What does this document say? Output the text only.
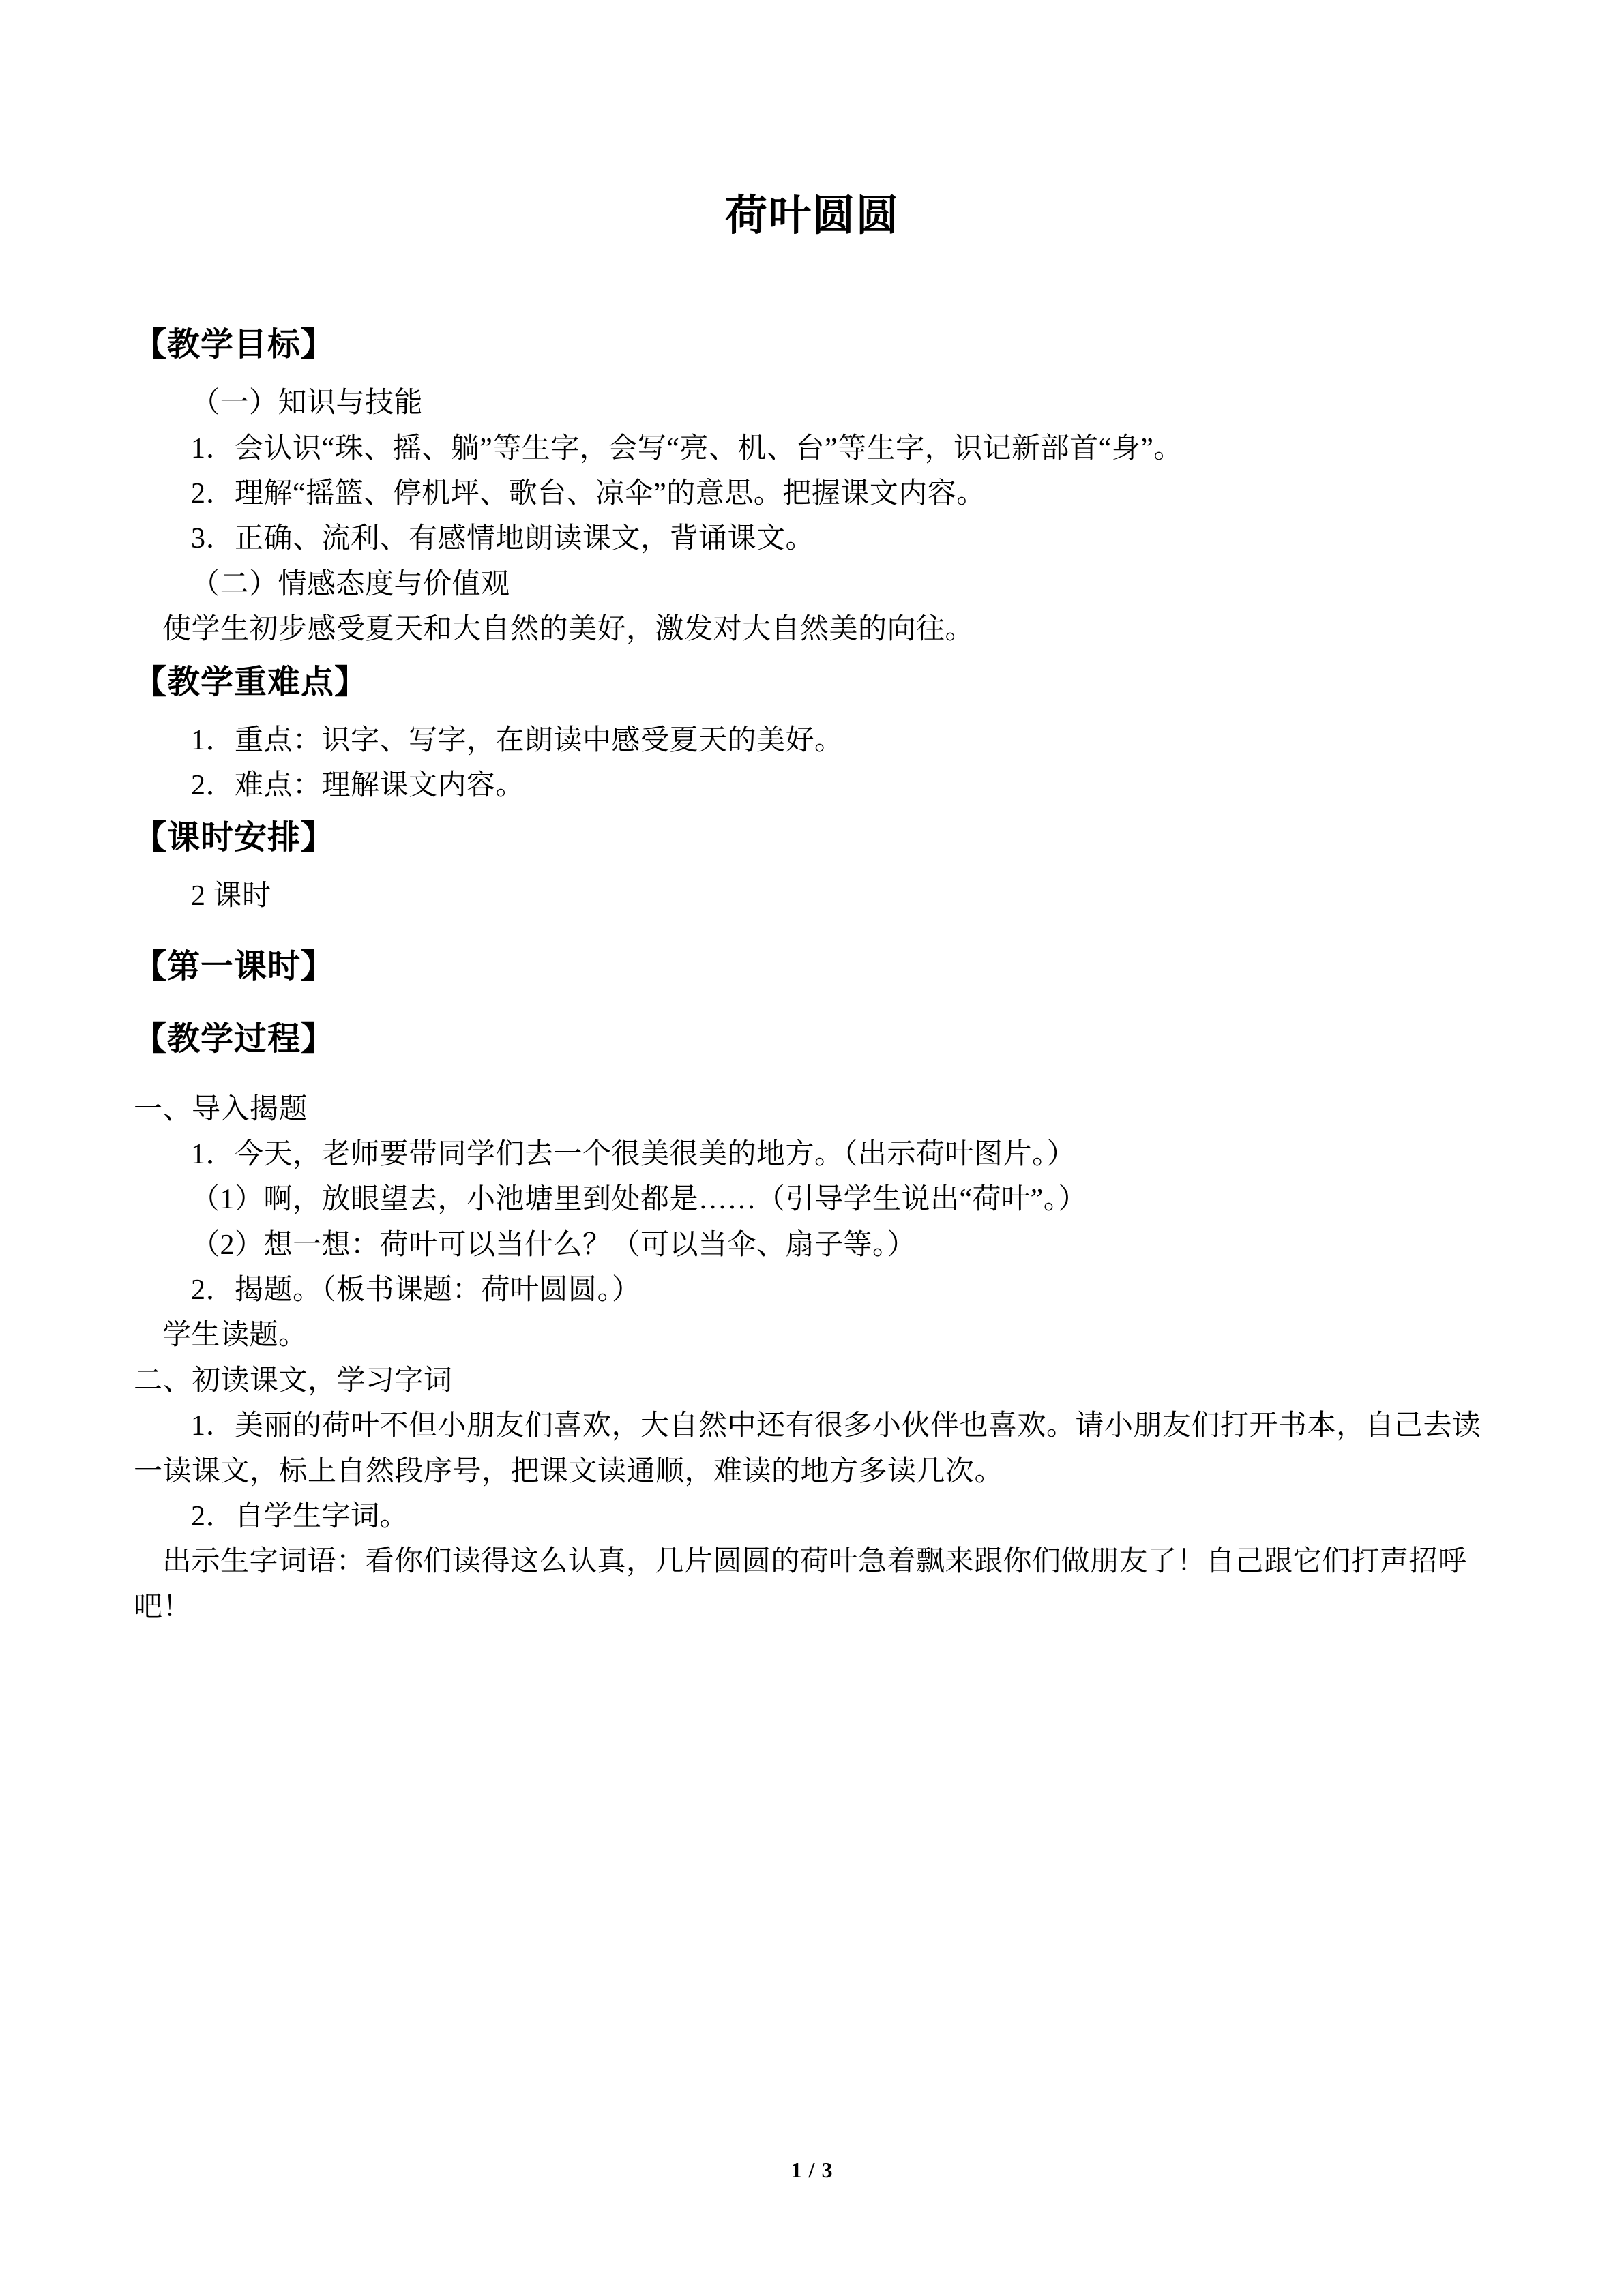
荷叶圆圆
【教学目标】
（一）知识与技能
1．会认识“珠、摇、躺”等生字，会写“亮、机、台”等生字，识记新部首“身”。
2．理解“摇篮、停机坪、歌台、凉伞”的意思。把握课文内容。
3．正确、流利、有感情地朗读课文，背诵课文。
（二）情感态度与价值观
使学生初步感受夏天和大自然的美好，激发对大自然美的向往。
【教学重难点】
1．重点：识字、写字，在朗读中感受夏天的美好。
2．难点：理解课文内容。
【课时安排】
2 课时
【第一课时】
【教学过程】
一、导入揭题
1．今天，老师要带同学们去一个很美很美的地方。（出示荷叶图片。）
（1）啊，放眼望去，小池塘里到处都是……（引导学生说出“荷叶”。）
（2）想一想：荷叶可以当什么？（可以当伞、扇子等。）
2．揭题。（板书课题：荷叶圆圆。）
学生读题。
二、初读课文，学习字词
1．美丽的荷叶不但小朋友们喜欢，大自然中还有很多小伙伴也喜欢。请小朋友们打开书本，自己去读一读课文，标上自然段序号，把课文读通顺，难读的地方多读几次。
2．自学生字词。
出示生字词语：看你们读得这么认真，几片圆圆的荷叶急着飘来跟你们做朋友了！自己跟它们打声招呼吧！
1 / 3
